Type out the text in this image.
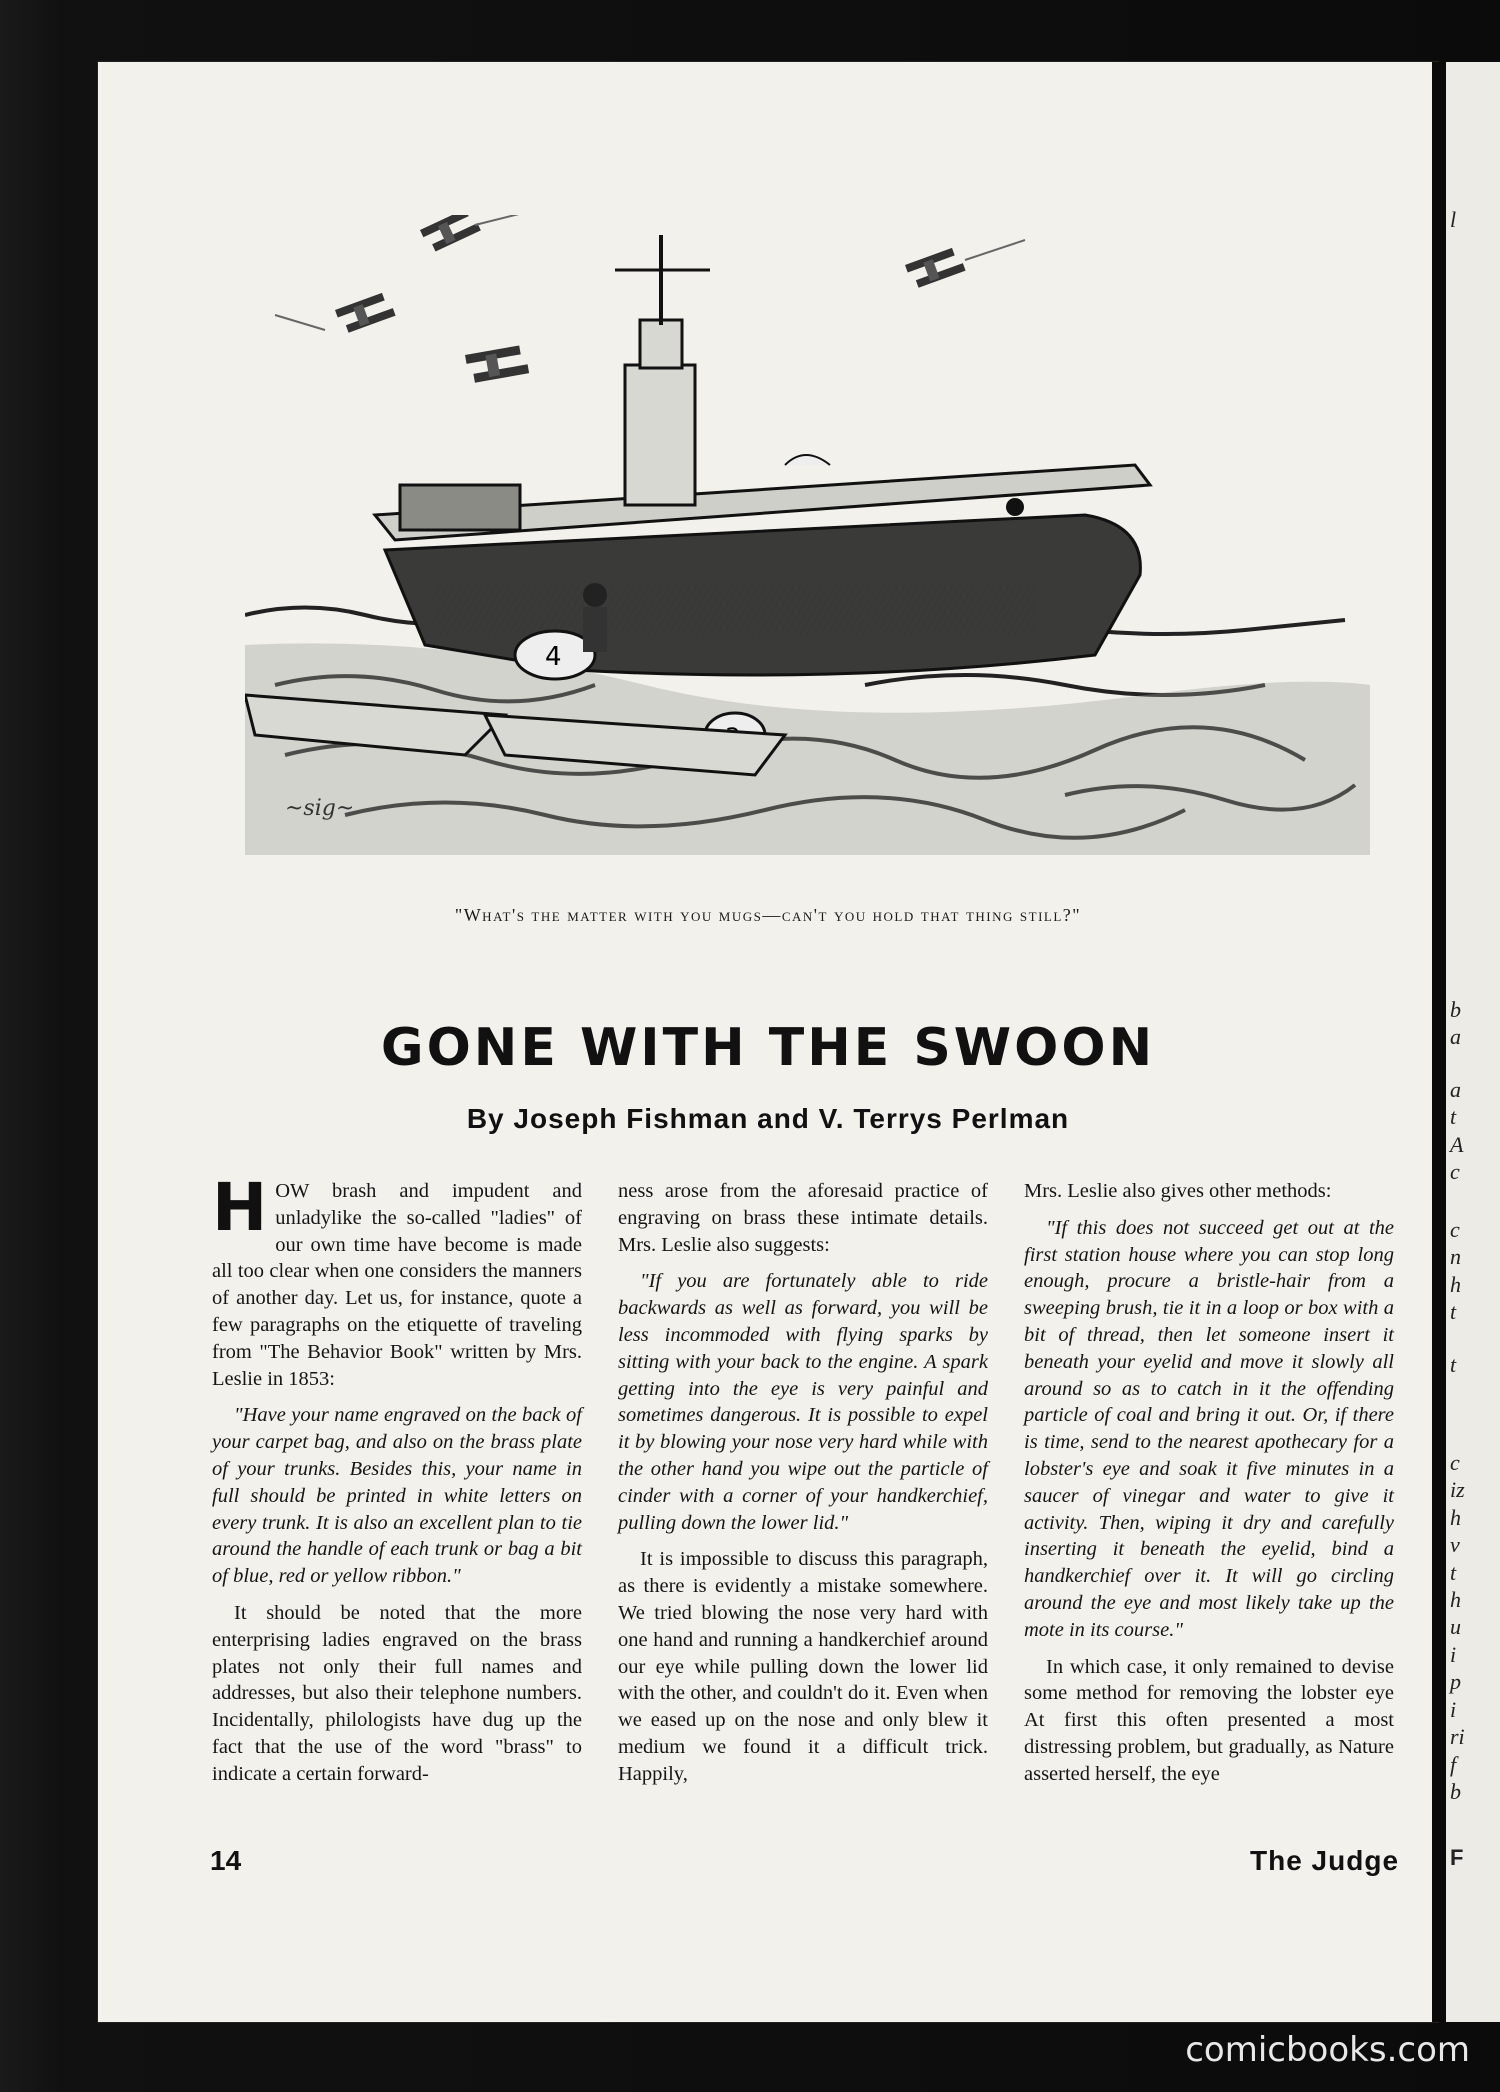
l
b
a
a
t
A
c
c
n
h
t
t
c
iz
h
v
t
h
u
i
p
i
ri
f
b
F
4
~sig~
"What's the matter with you mugs—can't you hold that thing still?"
GONE WITH THE SWOON
By Joseph Fishman and V. Terrys Perlman

HOW brash and impudent and unladylike the so-called "ladies" of our own time have become is made all too clear when one considers the manners of another day. Let us, for instance, quote a few paragraphs on the etiquette of traveling from "The Behavior Book" written by Mrs. Leslie in 1853:

"Have your name engraved on the back of your carpet bag, and also on the brass plate of your trunks. Besides this, your name in full should be printed in white letters on every trunk. It is also an excellent plan to tie around the handle of each trunk or bag a bit of blue, red or yellow ribbon."

It should be noted that the more enterprising ladies engraved on the brass plates not only their full names and addresses, but also their telephone numbers. Incidentally, philologists have dug up the fact that the use of the word "brass" to indicate a certain forward-

ness arose from the aforesaid practice of engraving on brass these intimate details. Mrs. Leslie also suggests:

"If you are fortunately able to ride backwards as well as forward, you will be less incommoded with flying sparks by sitting with your back to the engine. A spark getting into the eye is very painful and sometimes dangerous. It is possible to expel it by blowing your nose very hard while with the other hand you wipe out the particle of cinder with a corner of your handkerchief, pulling down the lower lid."

It is impossible to discuss this paragraph, as there is evidently a mistake somewhere. We tried blowing the nose very hard with one hand and running a handkerchief around our eye while pulling down the lower lid with the other, and couldn't do it. Even when we eased up on the nose and only blew it medium we found it a difficult trick. Happily,

Mrs. Leslie also gives other methods:

"If this does not succeed get out at the first station house where you can stop long enough, procure a bristle-hair from a sweeping brush, tie it in a loop or box with a bit of thread, then let someone insert it beneath your eyelid and move it slowly all around so as to catch in it the offending particle of coal and bring it out. Or, if there is time, send to the nearest apothecary for a lobster's eye and soak it five minutes in a saucer of vinegar and water to give it activity. Then, wiping it dry and carefully inserting it beneath the eyelid, bind a handkerchief over it. It will go circling around the eye and most likely take up the mote in its course."

In which case, it only remained to devise some method for removing the lobster eye At first this often presented a most distressing problem, but gradually, as Nature asserted herself, the eye

14	The Judge
comicbooks.com
